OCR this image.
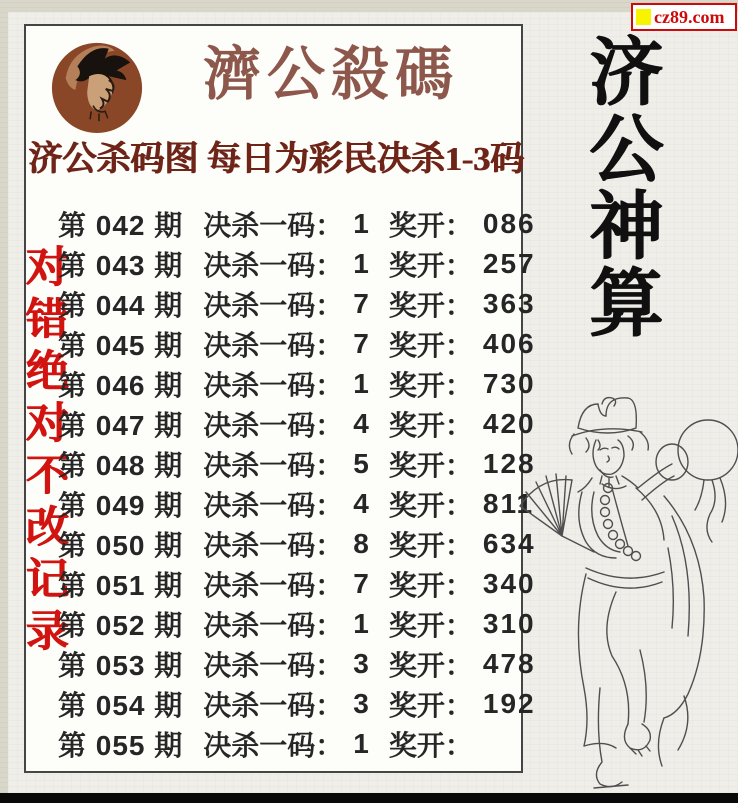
cz89.com
濟公殺碼
济公杀码图 每日为彩民决杀1-3码
对
错
绝
对
不
改
记
录
第 042 期 决杀一码： 1 奖开： 086
第 043 期 决杀一码： 1 奖开： 257
第 044 期 决杀一码： 7 奖开： 363
第 045 期 决杀一码： 7 奖开： 406
第 046 期 决杀一码： 1 奖开： 730
第 047 期 决杀一码： 4 奖开： 420
第 048 期 决杀一码： 5 奖开： 128
第 049 期 决杀一码： 4 奖开： 811
第 050 期 决杀一码： 8 奖开： 634
第 051 期 决杀一码： 7 奖开： 340
第 052 期 决杀一码： 1 奖开： 310
第 053 期 决杀一码： 3 奖开： 478
第 054 期 决杀一码： 3 奖开： 192
第 055 期 决杀一码： 1 奖开：
济
公
神
算
